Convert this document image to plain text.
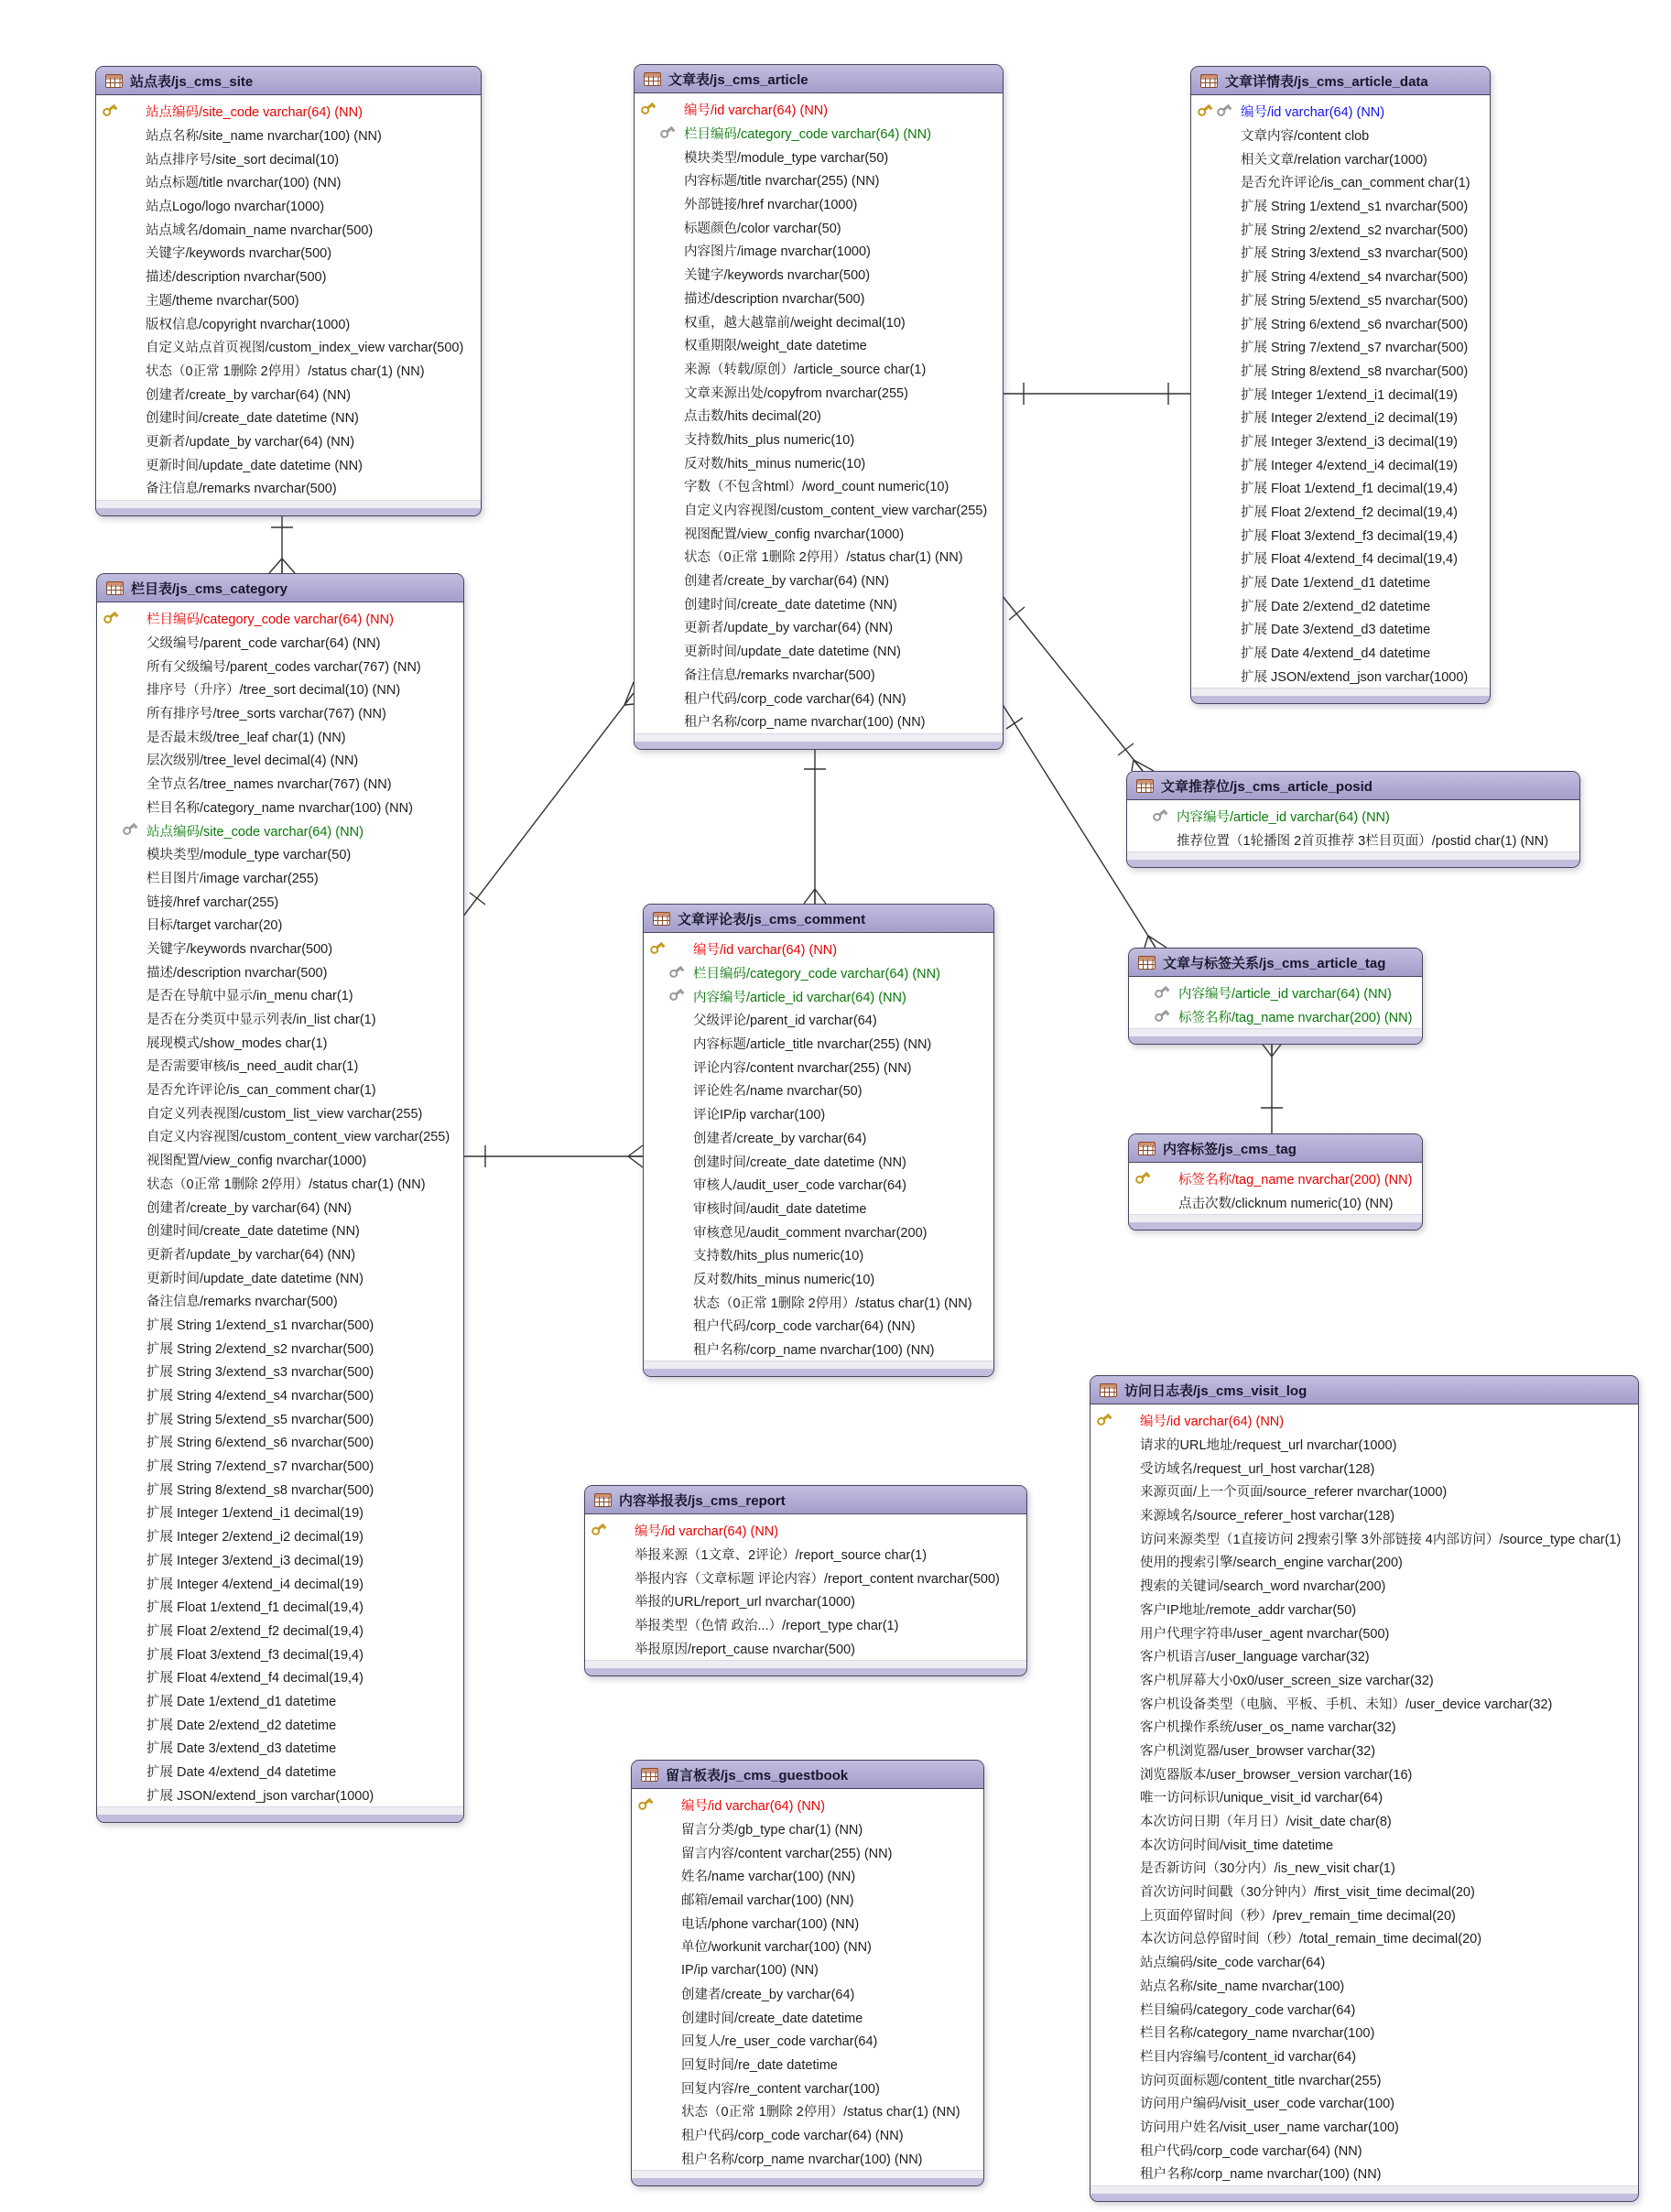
站点表/js_cms_site
站点编码/site_code varchar(64) (NN)
站点名称/site_name nvarchar(100) (NN)
站点排序号/site_sort decimal(10)
站点标题/title nvarchar(100) (NN)
站点Logo/logo nvarchar(1000)
站点域名/domain_name nvarchar(500)
关键字/keywords nvarchar(500)
描述/description nvarchar(500)
主题/theme nvarchar(500)
版权信息/copyright nvarchar(1000)
自定义站点首页视图/custom_index_view varchar(500)
状态（0正常 1删除 2停用）/status char(1) (NN)
创建者/create_by varchar(64) (NN)
创建时间/create_date datetime (NN)
更新者/update_by varchar(64) (NN)
更新时间/update_date datetime (NN)
备注信息/remarks nvarchar(500)
文章表/js_cms_article
编号/id varchar(64) (NN)
栏目编码/category_code varchar(64) (NN)
模块类型/module_type varchar(50)
内容标题/title nvarchar(255) (NN)
外部链接/href nvarchar(1000)
标题颜色/color varchar(50)
内容图片/image nvarchar(1000)
关键字/keywords nvarchar(500)
描述/description nvarchar(500)
权重，越大越靠前/weight decimal(10)
权重期限/weight_date datetime
来源（转载/原创）/article_source char(1)
文章来源出处/copyfrom nvarchar(255)
点击数/hits decimal(20)
支持数/hits_plus numeric(10)
反对数/hits_minus numeric(10)
字数（不包含html）/word_count numeric(10)
自定义内容视图/custom_content_view varchar(255)
视图配置/view_config nvarchar(1000)
状态（0正常 1删除 2停用）/status char(1) (NN)
创建者/create_by varchar(64) (NN)
创建时间/create_date datetime (NN)
更新者/update_by varchar(64) (NN)
更新时间/update_date datetime (NN)
备注信息/remarks nvarchar(500)
租户代码/corp_code varchar(64) (NN)
租户名称/corp_name nvarchar(100) (NN)
文章详情表/js_cms_article_data
编号/id varchar(64) (NN)
文章内容/content clob
相关文章/relation varchar(1000)
是否允许评论/is_can_comment char(1)
扩展 String 1/extend_s1 nvarchar(500)
扩展 String 2/extend_s2 nvarchar(500)
扩展 String 3/extend_s3 nvarchar(500)
扩展 String 4/extend_s4 nvarchar(500)
扩展 String 5/extend_s5 nvarchar(500)
扩展 String 6/extend_s6 nvarchar(500)
扩展 String 7/extend_s7 nvarchar(500)
扩展 String 8/extend_s8 nvarchar(500)
扩展 Integer 1/extend_i1 decimal(19)
扩展 Integer 2/extend_i2 decimal(19)
扩展 Integer 3/extend_i3 decimal(19)
扩展 Integer 4/extend_i4 decimal(19)
扩展 Float 1/extend_f1 decimal(19,4)
扩展 Float 2/extend_f2 decimal(19,4)
扩展 Float 3/extend_f3 decimal(19,4)
扩展 Float 4/extend_f4 decimal(19,4)
扩展 Date 1/extend_d1 datetime
扩展 Date 2/extend_d2 datetime
扩展 Date 3/extend_d3 datetime
扩展 Date 4/extend_d4 datetime
扩展 JSON/extend_json varchar(1000)
栏目表/js_cms_category
栏目编码/category_code varchar(64) (NN)
父级编号/parent_code varchar(64) (NN)
所有父级编号/parent_codes varchar(767) (NN)
排序号（升序）/tree_sort decimal(10) (NN)
所有排序号/tree_sorts varchar(767) (NN)
是否最末级/tree_leaf char(1) (NN)
层次级别/tree_level decimal(4) (NN)
全节点名/tree_names nvarchar(767) (NN)
栏目名称/category_name nvarchar(100) (NN)
站点编码/site_code varchar(64) (NN)
模块类型/module_type varchar(50)
栏目图片/image varchar(255)
链接/href varchar(255)
目标/target varchar(20)
关键字/keywords nvarchar(500)
描述/description nvarchar(500)
是否在导航中显示/in_menu char(1)
是否在分类页中显示列表/in_list char(1)
展现模式/show_modes char(1)
是否需要审核/is_need_audit char(1)
是否允许评论/is_can_comment char(1)
自定义列表视图/custom_list_view varchar(255)
自定义内容视图/custom_content_view varchar(255)
视图配置/view_config nvarchar(1000)
状态（0正常 1删除 2停用）/status char(1) (NN)
创建者/create_by varchar(64) (NN)
创建时间/create_date datetime (NN)
更新者/update_by varchar(64) (NN)
更新时间/update_date datetime (NN)
备注信息/remarks nvarchar(500)
扩展 String 1/extend_s1 nvarchar(500)
扩展 String 2/extend_s2 nvarchar(500)
扩展 String 3/extend_s3 nvarchar(500)
扩展 String 4/extend_s4 nvarchar(500)
扩展 String 5/extend_s5 nvarchar(500)
扩展 String 6/extend_s6 nvarchar(500)
扩展 String 7/extend_s7 nvarchar(500)
扩展 String 8/extend_s8 nvarchar(500)
扩展 Integer 1/extend_i1 decimal(19)
扩展 Integer 2/extend_i2 decimal(19)
扩展 Integer 3/extend_i3 decimal(19)
扩展 Integer 4/extend_i4 decimal(19)
扩展 Float 1/extend_f1 decimal(19,4)
扩展 Float 2/extend_f2 decimal(19,4)
扩展 Float 3/extend_f3 decimal(19,4)
扩展 Float 4/extend_f4 decimal(19,4)
扩展 Date 1/extend_d1 datetime
扩展 Date 2/extend_d2 datetime
扩展 Date 3/extend_d3 datetime
扩展 Date 4/extend_d4 datetime
扩展 JSON/extend_json varchar(1000)
文章推荐位/js_cms_article_posid
内容编号/article_id varchar(64) (NN)
推荐位置（1轮播图 2首页推荐 3栏目页面）/postid char(1) (NN)
文章与标签关系/js_cms_article_tag
内容编号/article_id varchar(64) (NN)
标签名称/tag_name nvarchar(200) (NN)
内容标签/js_cms_tag
标签名称/tag_name nvarchar(200) (NN)
点击次数/clicknum numeric(10) (NN)
文章评论表/js_cms_comment
编号/id varchar(64) (NN)
栏目编码/category_code varchar(64) (NN)
内容编号/article_id varchar(64) (NN)
父级评论/parent_id varchar(64)
内容标题/article_title nvarchar(255) (NN)
评论内容/content nvarchar(255) (NN)
评论姓名/name nvarchar(50)
评论IP/ip varchar(100)
创建者/create_by varchar(64)
创建时间/create_date datetime (NN)
审核人/audit_user_code varchar(64)
审核时间/audit_date datetime
审核意见/audit_comment nvarchar(200)
支持数/hits_plus numeric(10)
反对数/hits_minus numeric(10)
状态（0正常 1删除 2停用）/status char(1) (NN)
租户代码/corp_code varchar(64) (NN)
租户名称/corp_name nvarchar(100) (NN)
内容举报表/js_cms_report
编号/id varchar(64) (NN)
举报来源（1文章、2评论）/report_source char(1)
举报内容（文章标题 评论内容）/report_content nvarchar(500)
举报的URL/report_url nvarchar(1000)
举报类型（色情 政治...）/report_type char(1)
举报原因/report_cause nvarchar(500)
留言板表/js_cms_guestbook
编号/id varchar(64) (NN)
留言分类/gb_type char(1) (NN)
留言内容/content varchar(255) (NN)
姓名/name varchar(100) (NN)
邮箱/email varchar(100) (NN)
电话/phone varchar(100) (NN)
单位/workunit varchar(100) (NN)
IP/ip varchar(100) (NN)
创建者/create_by varchar(64)
创建时间/create_date datetime
回复人/re_user_code varchar(64)
回复时间/re_date datetime
回复内容/re_content varchar(100)
状态（0正常 1删除 2停用）/status char(1) (NN)
租户代码/corp_code varchar(64) (NN)
租户名称/corp_name nvarchar(100) (NN)
访问日志表/js_cms_visit_log
编号/id varchar(64) (NN)
请求的URL地址/request_url nvarchar(1000)
受访域名/request_url_host varchar(128)
来源页面/上一个页面/source_referer nvarchar(1000)
来源域名/source_referer_host varchar(128)
访问来源类型（1直接访问 2搜索引擎 3外部链接 4内部访问）/source_type char(1)
使用的搜索引擎/search_engine varchar(200)
搜索的关键词/search_word nvarchar(200)
客户IP地址/remote_addr varchar(50)
用户代理字符串/user_agent nvarchar(500)
客户机语言/user_language varchar(32)
客户机屏幕大小0x0/user_screen_size varchar(32)
客户机设备类型（电脑、平板、手机、未知）/user_device varchar(32)
客户机操作系统/user_os_name varchar(32)
客户机浏览器/user_browser varchar(32)
浏览器版本/user_browser_version varchar(16)
唯一访问标识/unique_visit_id varchar(64)
本次访问日期（年月日）/visit_date char(8)
本次访问时间/visit_time datetime
是否新访问（30分内）/is_new_visit char(1)
首次访问时间戳（30分钟内）/first_visit_time decimal(20)
上页面停留时间（秒）/prev_remain_time decimal(20)
本次访问总停留时间（秒）/total_remain_time decimal(20)
站点编码/site_code varchar(64)
站点名称/site_name nvarchar(100)
栏目编码/category_code varchar(64)
栏目名称/category_name nvarchar(100)
栏目内容编号/content_id varchar(64)
访问页面标题/content_title nvarchar(255)
访问用户编码/visit_user_code varchar(100)
访问用户姓名/visit_user_name varchar(100)
租户代码/corp_code varchar(64) (NN)
租户名称/corp_name nvarchar(100) (NN)
